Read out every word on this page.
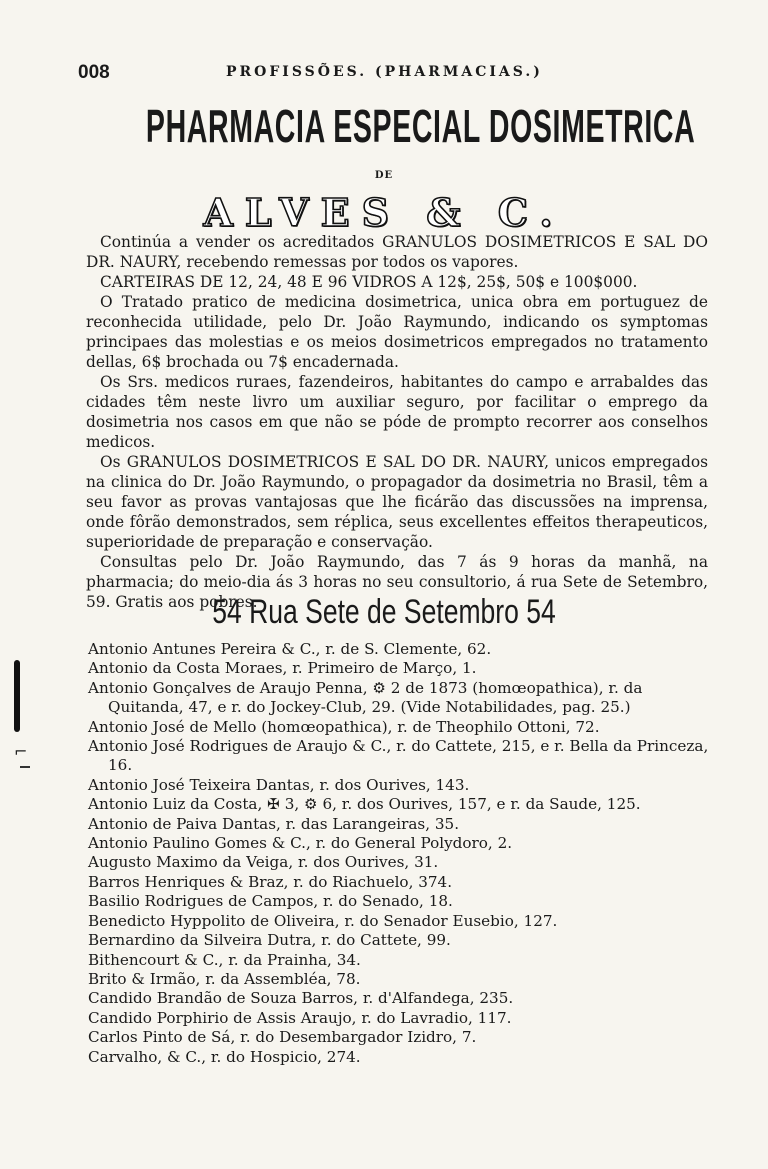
008	PROFISSÕES. (PHARMACIAS.)
PHARMACIA ESPECIAL DOSIMETRICA
DE
ALVES & C.

Continúa a vender os acreditados GRANULOS DOSIMETRICOS E SAL DO DR. NAURY, recebendo remessas por todos os vapores.

CARTEIRAS DE 12, 24, 48 E 96 VIDROS A 12$, 25$, 50$ e 100$000.

O Tratado pratico de medicina dosimetrica, unica obra em portuguez de reconhecida utilidade, pelo Dr. João Raymundo, indicando os symptomas principaes das molestias e os meios dosimetricos empregados no tratamento dellas, 6$ brochada ou 7$ encadernada.

Os Srs. medicos ruraes, fazendeiros, habitantes do campo e arrabaldes das cidades têm neste livro um auxiliar seguro, por facilitar o emprego da dosimetria nos casos em que não se póde de prompto recorrer aos conselhos medicos.

Os GRANULOS DOSIMETRICOS E SAL DO DR. NAURY, unicos empregados na clinica do Dr. João Raymundo, o propagador da dosimetria no Brasil, têm a seu favor as provas vantajosas que lhe ficárão das discussões na imprensa, onde fôrão demonstrados, sem réplica, seus excellentes effeitos therapeuticos, superioridade de preparação e conservação.

Consultas pelo Dr. João Raymundo, das 7 ás 9 horas da manhã, na pharmacia; do meio-dia ás 3 horas no seu consultorio, á rua Sete de Setembro, 59. Gratis aos pobres.

54 Rua Sete de Setembro 54
Antonio Antunes Pereira & C., r. de S. Clemente, 62.
Antonio da Costa Moraes, r. Primeiro de Março, 1.
Antonio Gonçalves de Araujo Penna, ⚙ 2 de 1873 (homœopathica), r. da Quitanda, 47, e r. do Jockey-Club, 29. (Vide Notabilidades, pag. 25.)
Antonio José de Mello (homœopathica), r. de Theophilo Ottoni, 72.
Antonio José Rodrigues de Araujo & C., r. do Cattete, 215, e r. Bella da Princeza, 16.
Antonio José Teixeira Dantas, r. dos Ourives, 143.
Antonio Luiz da Costa, ✠ 3, ⚙ 6, r. dos Ourives, 157, e r. da Saude, 125.
Antonio de Paiva Dantas, r. das Larangeiras, 35.
Antonio Paulino Gomes & C., r. do General Polydoro, 2.
Augusto Maximo da Veiga, r. dos Ourives, 31.
Barros Henriques & Braz, r. do Riachuelo, 374.
Basilio Rodrigues de Campos, r. do Senado, 18.
Benedicto Hyppolito de Oliveira, r. do Senador Eusebio, 127.
Bernardino da Silveira Dutra, r. do Cattete, 99.
Bithencourt & C., r. da Prainha, 34.
Brito & Irmão, r. da Assembléa, 78.
Candido Brandão de Souza Barros, r. d'Alfandega, 235.
Candido Porphirio de Assis Araujo, r. do Lavradio, 117.
Carlos Pinto de Sá, r. do Desembargador Izidro, 7.
Carvalho, & C., r. do Hospicio, 274.
⌐
